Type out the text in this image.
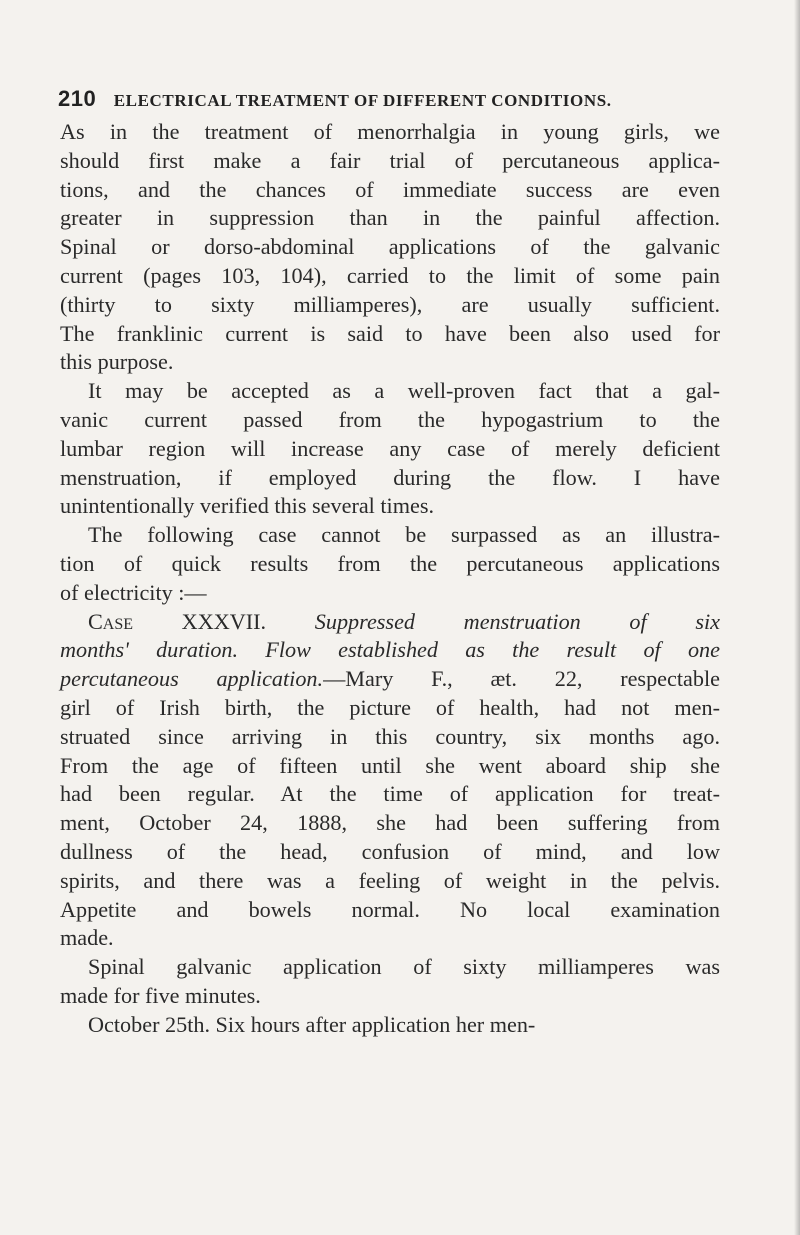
210 ELECTRICAL TREATMENT OF DIFFERENT CONDITIONS.
As in the treatment of menorrhalgia in young girls, we
should first make a fair trial of percutaneous applica-
tions, and the chances of immediate success are even
greater in suppression than in the painful affection.
Spinal or dorso-abdominal applications of the galvanic
current (pages 103, 104), carried to the limit of some pain
(thirty to sixty milliamperes), are usually sufficient.
The franklinic current is said to have been also used for
this purpose.
It may be accepted as a well-proven fact that a gal-
vanic current passed from the hypogastrium to the
lumbar region will increase any case of merely deficient
menstruation, if employed during the flow. I have
unintentionally verified this several times.
The following case cannot be surpassed as an illustra-
tion of quick results from the percutaneous applications
of electricity :—
Case XXXVII. Suppressed menstruation of six
months' duration. Flow established as the result of one
percutaneous application.—Mary F., æt. 22, respectable
girl of Irish birth, the picture of health, had not men-
struated since arriving in this country, six months ago.
From the age of fifteen until she went aboard ship she
had been regular. At the time of application for treat-
ment, October 24, 1888, she had been suffering from
dullness of the head, confusion of mind, and low
spirits, and there was a feeling of weight in the pelvis.
Appetite and bowels normal. No local examination
made.
Spinal galvanic application of sixty milliamperes was
made for five minutes.
October 25th. Six hours after application her men-
